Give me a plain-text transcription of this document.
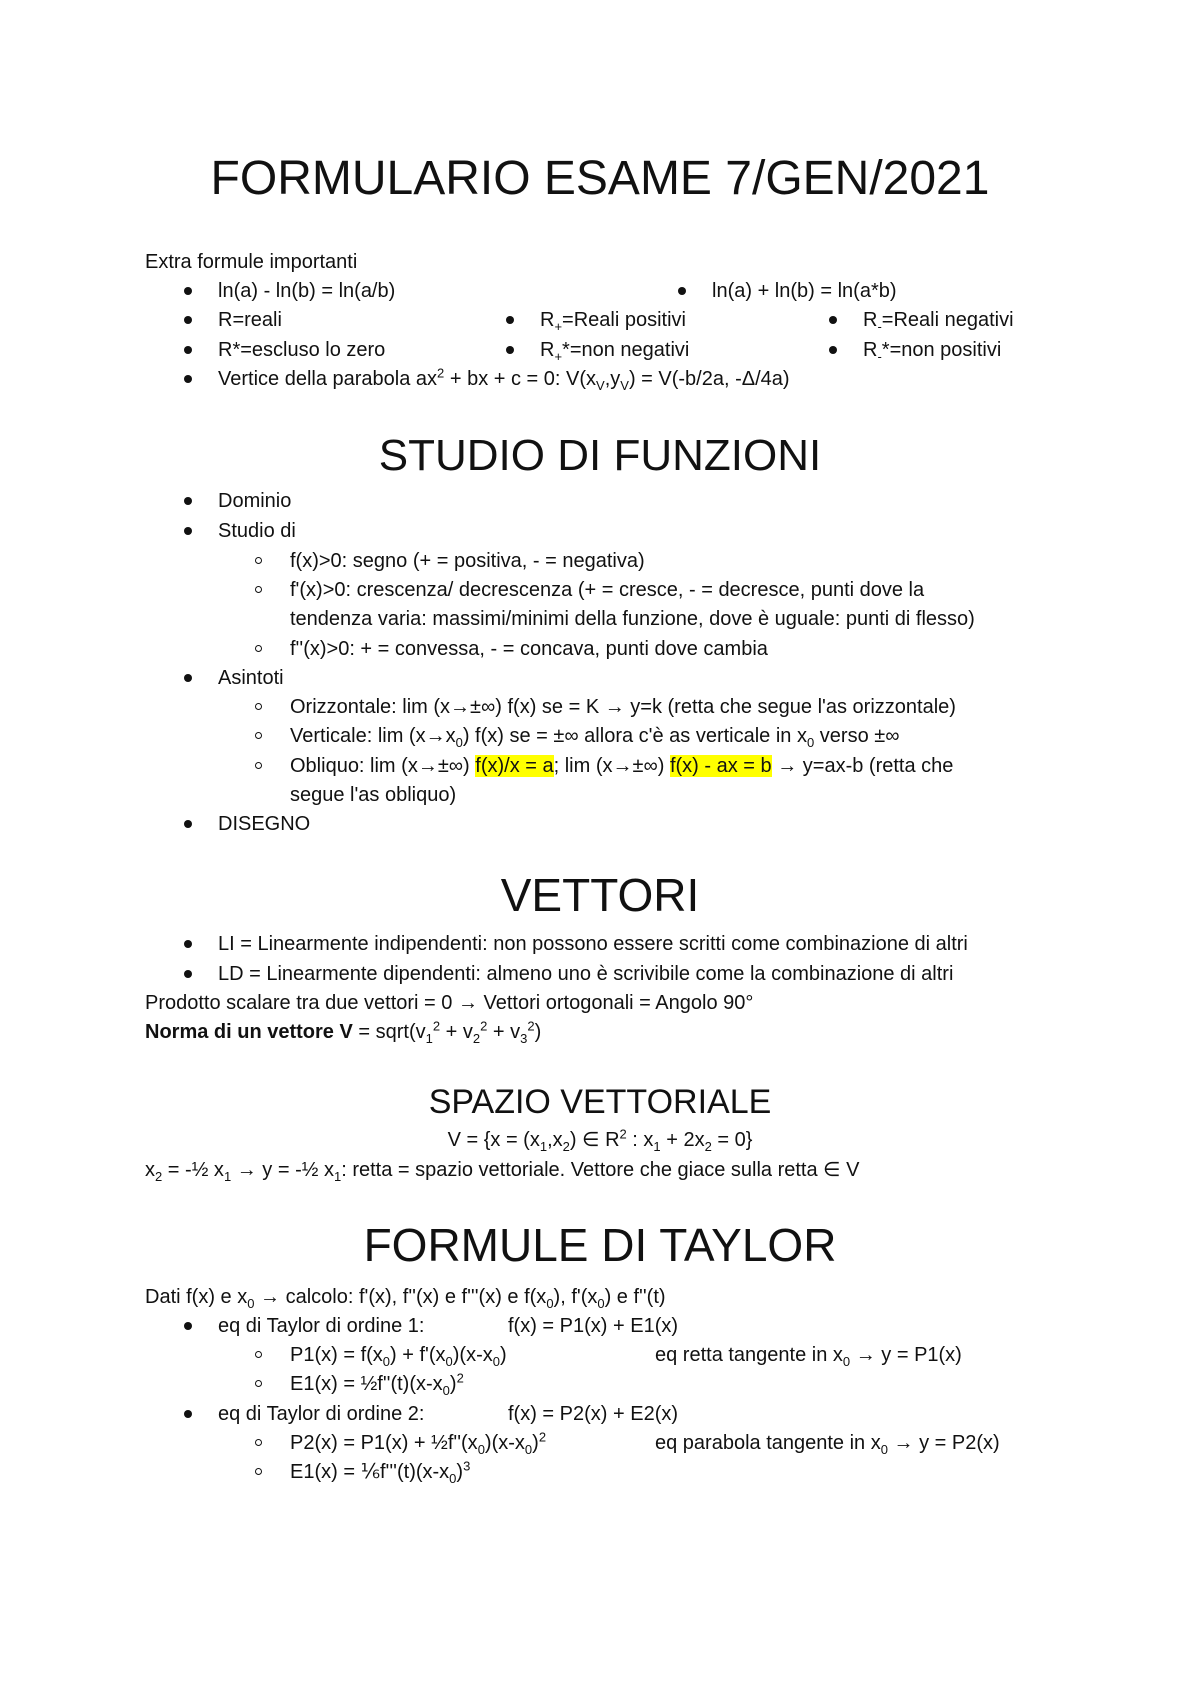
FORMULARIO ESAME 7/GEN/2021
Extra formule importanti
ln(a) - ln(b) = ln(a/b)	ln(a) + ln(b) = ln(a*b)
R=reali	$R_+=Reali$ positivi	$R_-=Reali$ negativi
R*=escluso lo zero	$R_+*=non$ negativi	$R_-*=non$ positivi
Vertice della parabola $ax^2$ + bx + c = 0: $V(x_V,y_V) = V(-b/2a$, -Δ/4a)
STUDIO DI FUNZIONI
Dominio
Studio di
f(x)>0: segno (+ = positiva, - = negativa)
f'(x)>0: crescenza/ decrescenza (+ = cresce, - = decresce, punti dove la
tendenza varia: massimi/minimi della funzione, dove è uguale: punti di flesso)
f''(x)>0: + = convessa, - = concava, punti dove cambia
Asintoti
Orizzontale: lim (x→±∞) f(x) se = K → y=k (retta che segue l'as orizzontale)
Verticale: $\lim (x\to x_0)$ f(x) se = ±∞ allora c'è as verticale in $x_0$ verso ±∞
Obliquo: lim (x→±∞) f(x)/x = a; lim (x→±∞) f(x) - ax = b → y=ax-b (retta che
segue l'as obliquo)
DISEGNO
VETTORI
LI = Linearmente indipendenti: non possono essere scritti come combinazione di altri
LD = Linearmente dipendenti: almeno uno è scrivibile come la combinazione di altri
Prodotto scalare tra due vettori = 0 → Vettori ortogonali = Angolo 90°
Norma di un vettore $V = sqrt(v_1^2 + v_2^2 + v_3^2)$
SPAZIO VETTORIALE
$V = \{x = (x_1,x_2)$ ∈ $R^2$ : $x_1 + 2x_2 = 0$}
$x_2$ = -½ $x_1 \to y$ = -½ $x_1$: retta = spazio vettoriale. Vettore che giace sulla retta ∈ V
FORMULE DI TAYLOR
Dati f(x) e $x_0$ → calcolo: f'(x), f''(x) e f'''(x) e $f(x_0)$, $f'(x_0)$ e f''(t)
eq di Taylor di ordine 1:	f(x) = P1(x) + E1(x)
$P1(x) = f(x_0) + f'(x_0)(x-x_0)$	eq retta tangente in $x_0 \to y = P1(x)$
$E1(x) = \frac{1}{2}f''(t)(x-x_0)^2$
eq di Taylor di ordine 2:	f(x) = P2(x) + E2(x)
$P2(x) = P1(x) + \frac{1}{2}f''(x_0)(x-x_0)^2$	eq parabola tangente in $x_0 \to y = P2(x)$
$E1(x) = \frac{1}{6}f'''(t)(x-x_0)^3$
